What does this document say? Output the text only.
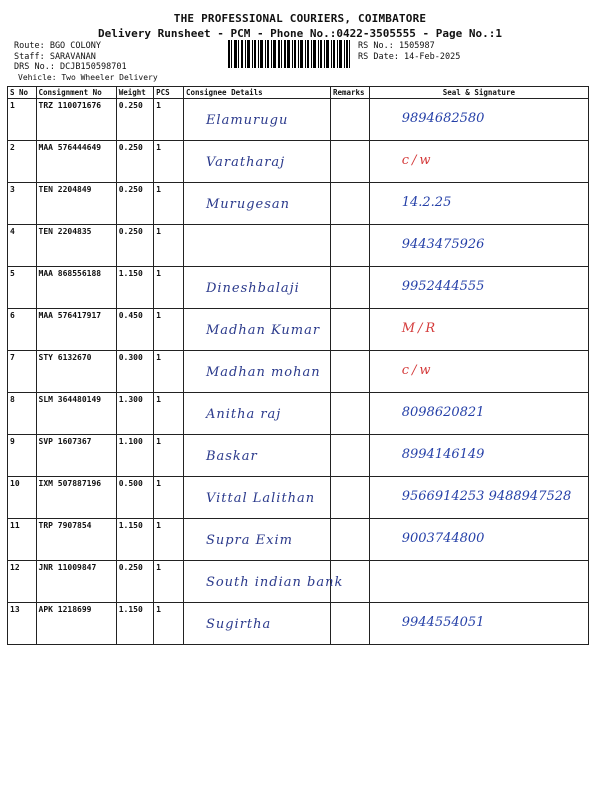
THE PROFESSIONAL COURIERS, COIMBATORE
Delivery Runsheet - PCM - Phone No.:0422-3505555 - Page No.:1
Route: BGO COLONY
Staff: SARAVANAN
DRS No.: DCJB150598701
Vehicle: Two Wheeler Delivery
RS No.: 1505987
RS Date: 14-Feb-2025
S No	Consignment No	Weight	PCS	Consignee Details	Remarks	Seal & Signature
1	TRZ 110071676	0.250	1	Elamurugu		9894682580

2	MAA 576444649	0.250	1	Varatharaj		c/w

3	TEN 2204849	0.250	1	Murugesan		14.2.25

4	TEN 2204835	0.250	1			9443475926

5	MAA 868556188	1.150	1	Dineshbalaji		9952444555

6	MAA 576417917	0.450	1	Madhan Kumar		M/R

7	STY 6132670	0.300	1	Madhan mohan		c/w

8	SLM 364480149	1.300	1	Anitha raj		8098620821

9	SVP 1607367	1.100	1	Baskar		8994146149

10	IXM 507887196	0.500	1	Vittal Lalithan		9566914253 9488947528

11	TRP 7907854	1.150	1	Supra Exim		9003744800

12	JNR 11009847	0.250	1	South indian bank		

13	APK 1218699	1.150	1	Sugirtha		9944554051
